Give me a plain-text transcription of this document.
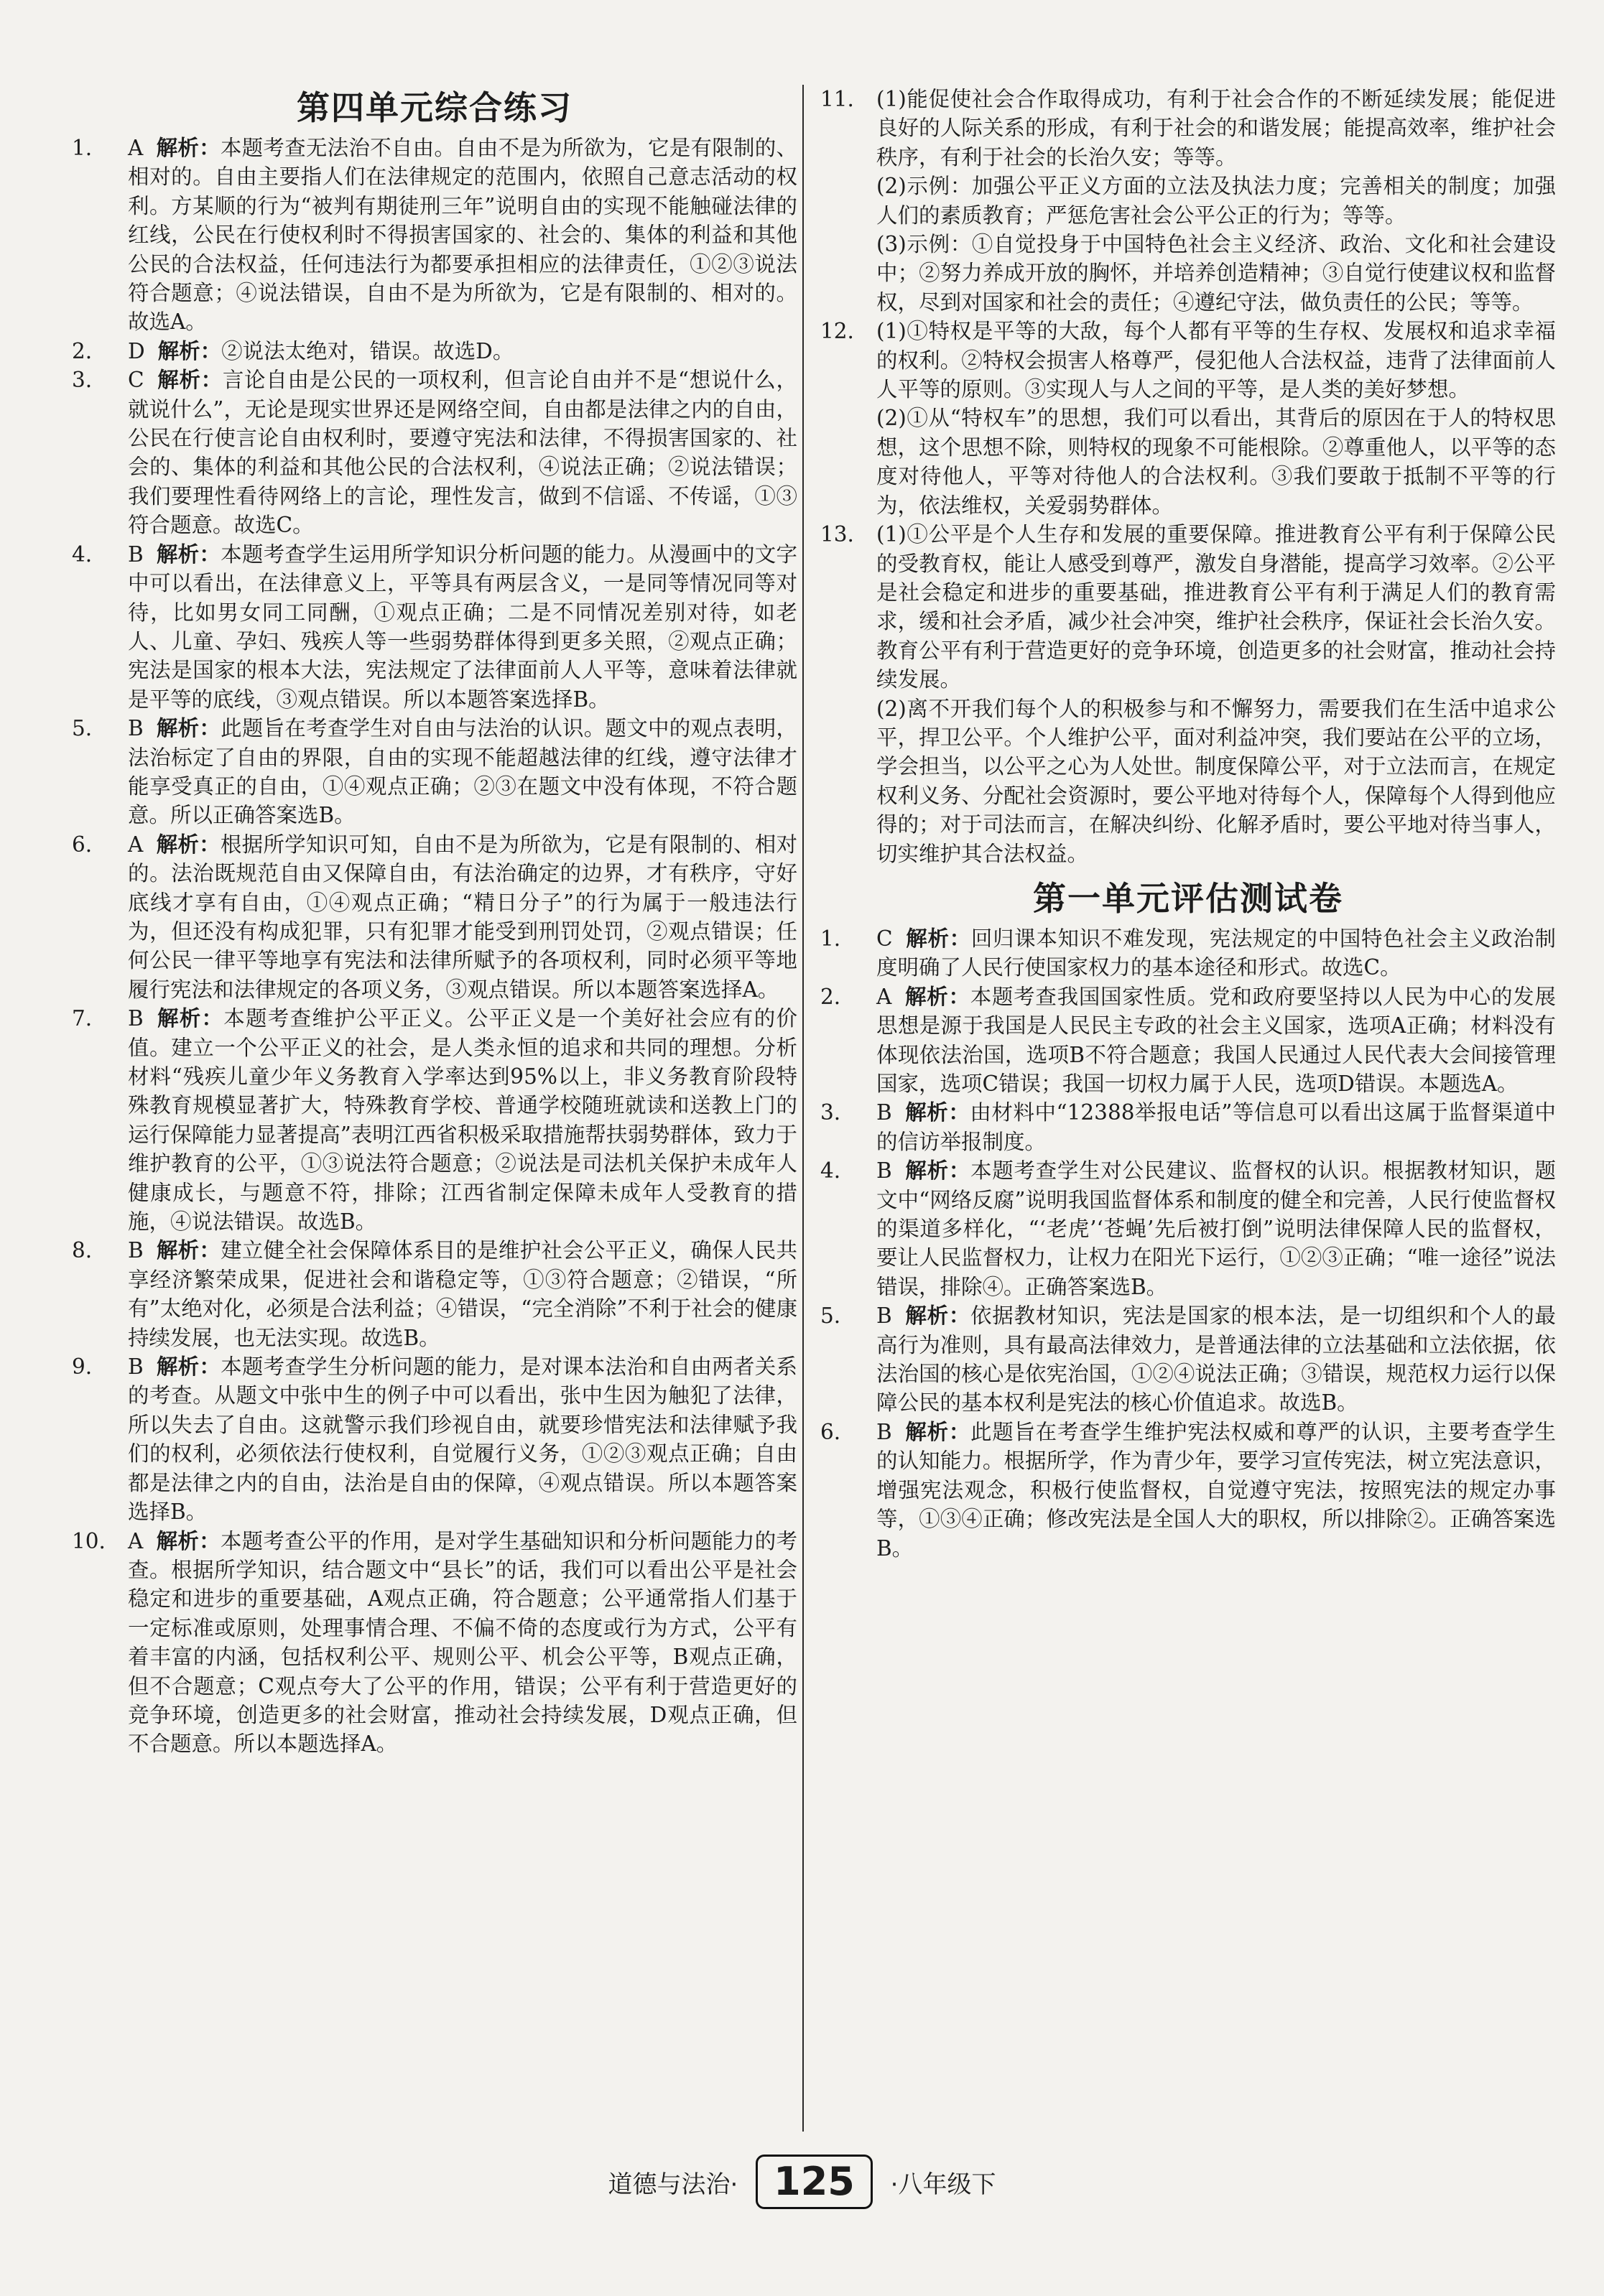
第四单元综合练习
1.	A 解析：本题考查无法治不自由。自由不是为所欲为，它是有限制的、相对的。自由主要指人们在法律规定的范围内，依照自己意志活动的权利。方某顺的行为“被判有期徒刑三年”说明自由的实现不能触碰法律的红线，公民在行使权利时不得损害国家的、社会的、集体的利益和其他公民的合法权益，任何违法行为都要承担相应的法律责任，①②③说法符合题意；④说法错误，自由不是为所欲为，它是有限制的、相对的。故选A。
2.	D 解析：②说法太绝对，错误。故选D。
3.	C 解析：言论自由是公民的一项权利，但言论自由并不是“想说什么，就说什么”，无论是现实世界还是网络空间，自由都是法律之内的自由，公民在行使言论自由权利时，要遵守宪法和法律，不得损害国家的、社会的、集体的利益和其他公民的合法权利，④说法正确；②说法错误；我们要理性看待网络上的言论，理性发言，做到不信谣、不传谣，①③符合题意。故选C。
4.	B 解析：本题考查学生运用所学知识分析问题的能力。从漫画中的文字中可以看出，在法律意义上，平等具有两层含义，一是同等情况同等对待，比如男女同工同酬，①观点正确；二是不同情况差别对待，如老人、儿童、孕妇、残疾人等一些弱势群体得到更多关照，②观点正确；宪法是国家的根本大法，宪法规定了法律面前人人平等，意味着法律就是平等的底线，③观点错误。所以本题答案选择B。
5.	B 解析：此题旨在考查学生对自由与法治的认识。题文中的观点表明，法治标定了自由的界限，自由的实现不能超越法律的红线，遵守法律才能享受真正的自由，①④观点正确；②③在题文中没有体现，不符合题意。所以正确答案选B。
6.	A 解析：根据所学知识可知，自由不是为所欲为，它是有限制的、相对的。法治既规范自由又保障自由，有法治确定的边界，才有秩序，守好底线才享有自由，①④观点正确；“精日分子”的行为属于一般违法行为，但还没有构成犯罪，只有犯罪才能受到刑罚处罚，②观点错误；任何公民一律平等地享有宪法和法律所赋予的各项权利，同时必须平等地履行宪法和法律规定的各项义务，③观点错误。所以本题答案选择A。
7.	B 解析：本题考查维护公平正义。公平正义是一个美好社会应有的价值。建立一个公平正义的社会，是人类永恒的追求和共同的理想。分析材料“残疾儿童少年义务教育入学率达到95%以上，非义务教育阶段特殊教育规模显著扩大，特殊教育学校、普通学校随班就读和送教上门的运行保障能力显著提高”表明江西省积极采取措施帮扶弱势群体，致力于维护教育的公平，①③说法符合题意；②说法是司法机关保护未成年人健康成长，与题意不符，排除；江西省制定保障未成年人受教育的措施，④说法错误。故选B。
8.	B 解析：建立健全社会保障体系目的是维护社会公平正义，确保人民共享经济繁荣成果，促进社会和谐稳定等，①③符合题意；②错误，“所有”太绝对化，必须是合法利益；④错误，“完全消除”不利于社会的健康持续发展，也无法实现。故选B。
9.	B 解析：本题考查学生分析问题的能力，是对课本法治和自由两者关系的考查。从题文中张中生的例子中可以看出，张中生因为触犯了法律，所以失去了自由。这就警示我们珍视自由，就要珍惜宪法和法律赋予我们的权利，必须依法行使权利，自觉履行义务，①②③观点正确；自由都是法律之内的自由，法治是自由的保障，④观点错误。所以本题答案选择B。
10.	A 解析：本题考查公平的作用，是对学生基础知识和分析问题能力的考查。根据所学知识，结合题文中“县长”的话，我们可以看出公平是社会稳定和进步的重要基础，A观点正确，符合题意；公平通常指人们基于一定标准或原则，处理事情合理、不偏不倚的态度或行为方式，公平有着丰富的内涵，包括权利公平、规则公平、机会公平等，B观点正确，但不合题意；C观点夸大了公平的作用，错误；公平有利于营造更好的竞争环境，创造更多的社会财富，推动社会持续发展，D观点正确，但不合题意。所以本题选择A。
11.	(1)能促使社会合作取得成功，有利于社会合作的不断延续发展；能促进良好的人际关系的形成，有利于社会的和谐发展；能提高效率，维护社会秩序，有利于社会的长治久安；等等。
(2)示例：加强公平正义方面的立法及执法力度；完善相关的制度；加强人们的素质教育；严惩危害社会公平公正的行为；等等。
(3)示例：①自觉投身于中国特色社会主义经济、政治、文化和社会建设中；②努力养成开放的胸怀，并培养创造精神；③自觉行使建议权和监督权，尽到对国家和社会的责任；④遵纪守法，做负责任的公民；等等。
12.	(1)①特权是平等的大敌，每个人都有平等的生存权、发展权和追求幸福的权利。②特权会损害人格尊严，侵犯他人合法权益，违背了法律面前人人平等的原则。③实现人与人之间的平等，是人类的美好梦想。
(2)①从“特权车”的思想，我们可以看出，其背后的原因在于人的特权思想，这个思想不除，则特权的现象不可能根除。②尊重他人，以平等的态度对待他人，平等对待他人的合法权利。③我们要敢于抵制不平等的行为，依法维权，关爱弱势群体。
13.	(1)①公平是个人生存和发展的重要保障。推进教育公平有利于保障公民的受教育权，能让人感受到尊严，激发自身潜能，提高学习效率。②公平是社会稳定和进步的重要基础，推进教育公平有利于满足人们的教育需求，缓和社会矛盾，减少社会冲突，维护社会秩序，保证社会长治久安。教育公平有利于营造更好的竞争环境，创造更多的社会财富，推动社会持续发展。
(2)离不开我们每个人的积极参与和不懈努力，需要我们在生活中追求公平，捍卫公平。个人维护公平，面对利益冲突，我们要站在公平的立场，学会担当，以公平之心为人处世。制度保障公平，对于立法而言，在规定权利义务、分配社会资源时，要公平地对待每个人，保障每个人得到他应得的；对于司法而言，在解决纠纷、化解矛盾时，要公平地对待当事人，切实维护其合法权益。
第一单元评估测试卷
1.	C 解析：回归课本知识不难发现，宪法规定的中国特色社会主义政治制度明确了人民行使国家权力的基本途径和形式。故选C。
2.	A 解析：本题考查我国国家性质。党和政府要坚持以人民为中心的发展思想是源于我国是人民民主专政的社会主义国家，选项A正确；材料没有体现依法治国，选项B不符合题意；我国人民通过人民代表大会间接管理国家，选项C错误；我国一切权力属于人民，选项D错误。本题选A。
3.	B 解析：由材料中“12388举报电话”等信息可以看出这属于监督渠道中的信访举报制度。
4.	B 解析：本题考查学生对公民建议、监督权的认识。根据教材知识，题文中“网络反腐”说明我国监督体系和制度的健全和完善，人民行使监督权的渠道多样化，“‘老虎’‘苍蝇’先后被打倒”说明法律保障人民的监督权，要让人民监督权力，让权力在阳光下运行，①②③正确；“唯一途径”说法错误，排除④。正确答案选B。
5.	B 解析：依据教材知识，宪法是国家的根本法，是一切组织和个人的最高行为准则，具有最高法律效力，是普通法律的立法基础和立法依据，依法治国的核心是依宪治国，①②④说法正确；③错误，规范权力运行以保障公民的基本权利是宪法的核心价值追求。故选B。
6.	B 解析：此题旨在考查学生维护宪法权威和尊严的认识，主要考查学生的认知能力。根据所学，作为青少年，要学习宣传宪法，树立宪法意识，增强宪法观念，积极行使监督权，自觉遵守宪法，按照宪法的规定办事等，①③④正确；修改宪法是全国人大的职权，所以排除②。正确答案选B。
道德与法治· 125 ·八年级下
